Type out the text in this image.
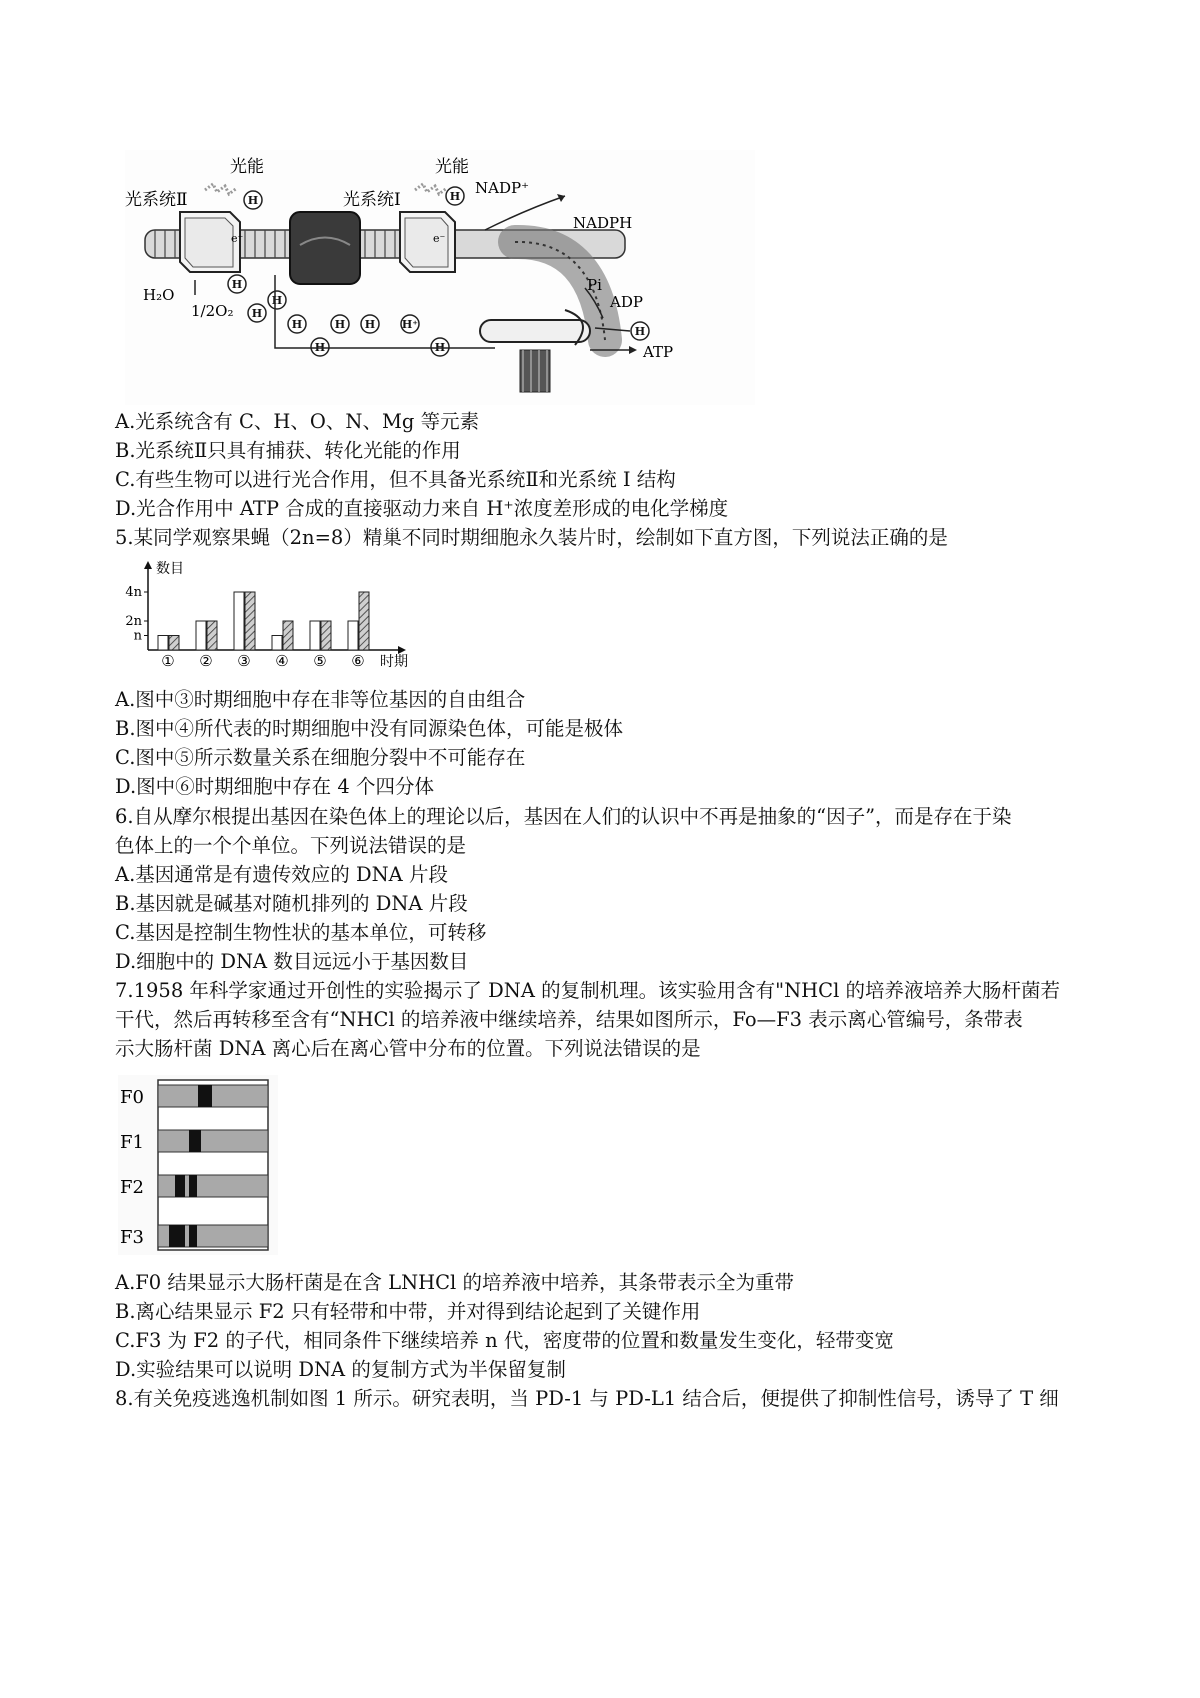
H
H
H
H
H	H H
H	H
H⁺
H
H
光能	光能
光系统Ⅱ	光系统Ⅰ
NADP⁺
NADPH
H₂O
1/2O₂
Pi
ADP
ATP
e⁻	e⁻
A.光系统含有 C、H、O、N、Mg 等元素
B.光系统Ⅱ只具有捕获、转化光能的作用
C.有些生物可以进行光合作用，但不具备光系统Ⅱ和光系统 I 结构
D.光合作用中 ATP 合成的直接驱动力来自 H⁺浓度差形成的电化学梯度
5.某同学观察果蝇（2n=8）精巢不同时期细胞永久装片时，绘制如下直方图，下列说法正确的是
数目
时期
4n
2n
n
① ② ③ ④ ⑤ ⑥
A.图中③时期细胞中存在非等位基因的自由组合
B.图中④所代表的时期细胞中没有同源染色体，可能是极体
C.图中⑤所示数量关系在细胞分裂中不可能存在
D.图中⑥时期细胞中存在 4 个四分体
6.自从摩尔根提出基因在染色体上的理论以后，基因在人们的认识中不再是抽象的“因子”，而是存在于染
色体上的一个个单位。下列说法错误的是
A.基因通常是有遗传效应的 DNA 片段
B.基因就是碱基对随机排列的 DNA 片段
C.基因是控制生物性状的基本单位，可转移
D.细胞中的 DNA 数目远远小于基因数目
7.1958 年科学家通过开创性的实验揭示了 DNA 的复制机理。该实验用含有"NHCl 的培养液培养大肠杆菌若
干代，然后再转移至含有“NHCl 的培养液中继续培养，结果如图所示，Fo—F3 表示离心管编号，条带表
示大肠杆菌 DNA 离心后在离心管中分布的位置。下列说法错误的是
F0
F1
F2
F3
A.F0 结果显示大肠杆菌是在含 LNHCl 的培养液中培养，其条带表示全为重带
B.离心结果显示 F2 只有轻带和中带，并对得到结论起到了关键作用
C.F3 为 F2 的子代，相同条件下继续培养 n 代，密度带的位置和数量发生变化，轻带变宽
D.实验结果可以说明 DNA 的复制方式为半保留复制
8.有关免疫逃逸机制如图 1 所示。研究表明，当 PD-1 与 PD-L1 结合后，便提供了抑制性信号，诱导了 T 细
